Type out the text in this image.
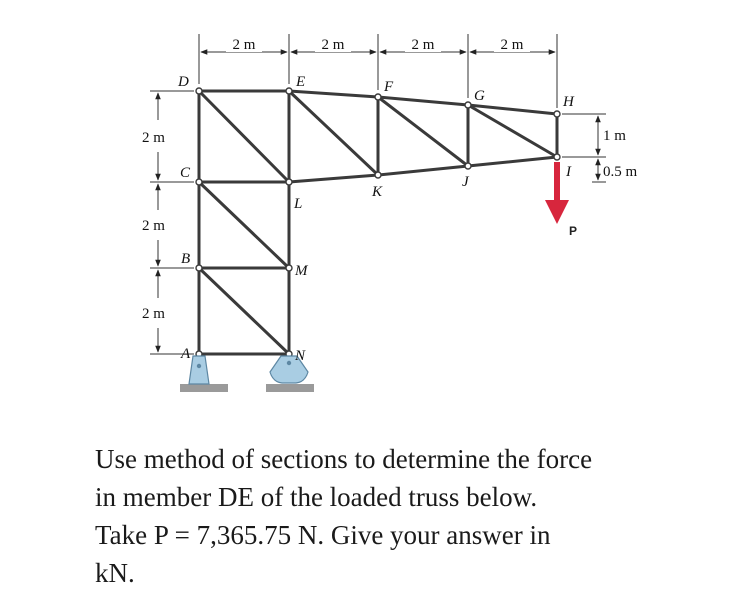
P
2 m	2 m	2 m	2 m
2 m
2 m
2 m
1 m
0.5 m
D
C
B
A
E	F
G	H
I
J
K
L
M
N

Use method of sections to determine the force

in member DE of the loaded truss below.

Take P = 7,365.75 N. Give your answer in

kN.
